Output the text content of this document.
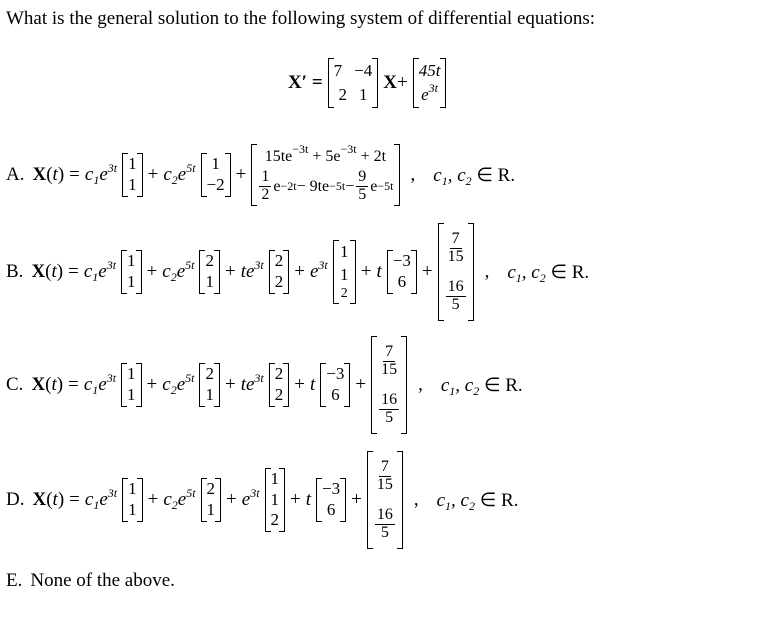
What is the general solution to the following system of differential equations:
X′ =
7 −4
2 1
X +
45t
$e^{3t}$
A. X ( t ) = $c_1e^{3t}$ 1
$1 + c_2e^{5t}$ 1
−2 +
$15te^{-3t} + 5e^{-3t} + 2t$
$\frac{1}{2}$ $e -2t - 9te -5t - \frac{9}{5}$ e −5t
, $c_1$, $c_2$ ∈ R.
B. X ( t ) = $c_1e^{3t}$ 1
$1 + c_2e^{5t}$ 2
$1 + te^{3t}$ 2
$2 + e^{3t}$
1
1
2
+ t
−3
6 +
$\frac{7}{15}$
$\frac{16}{5}$
, $c_1$, $c_2$ ∈ R.
C. X ( t ) = $c_1e^{3t}$ 1
$1 + c_2e^{5t}$ 2
$1 + te^{3t}$ 2
2 + t
−3
6 +
$\frac{7}{15}$
$\frac{16}{5}$
, $c_1$, $c_2$ ∈ R.
D. X ( t ) = $c_1e^{3t}$ 1
$1 + c_2e^{5t}$ 2
$1 + e^{3t}$
1
1
2
+ t
−3
6 +
$\frac{7}{15}$
$\frac{16}{5}$
, $c_1$, $c_2$ ∈ R.
E. None of the above.
